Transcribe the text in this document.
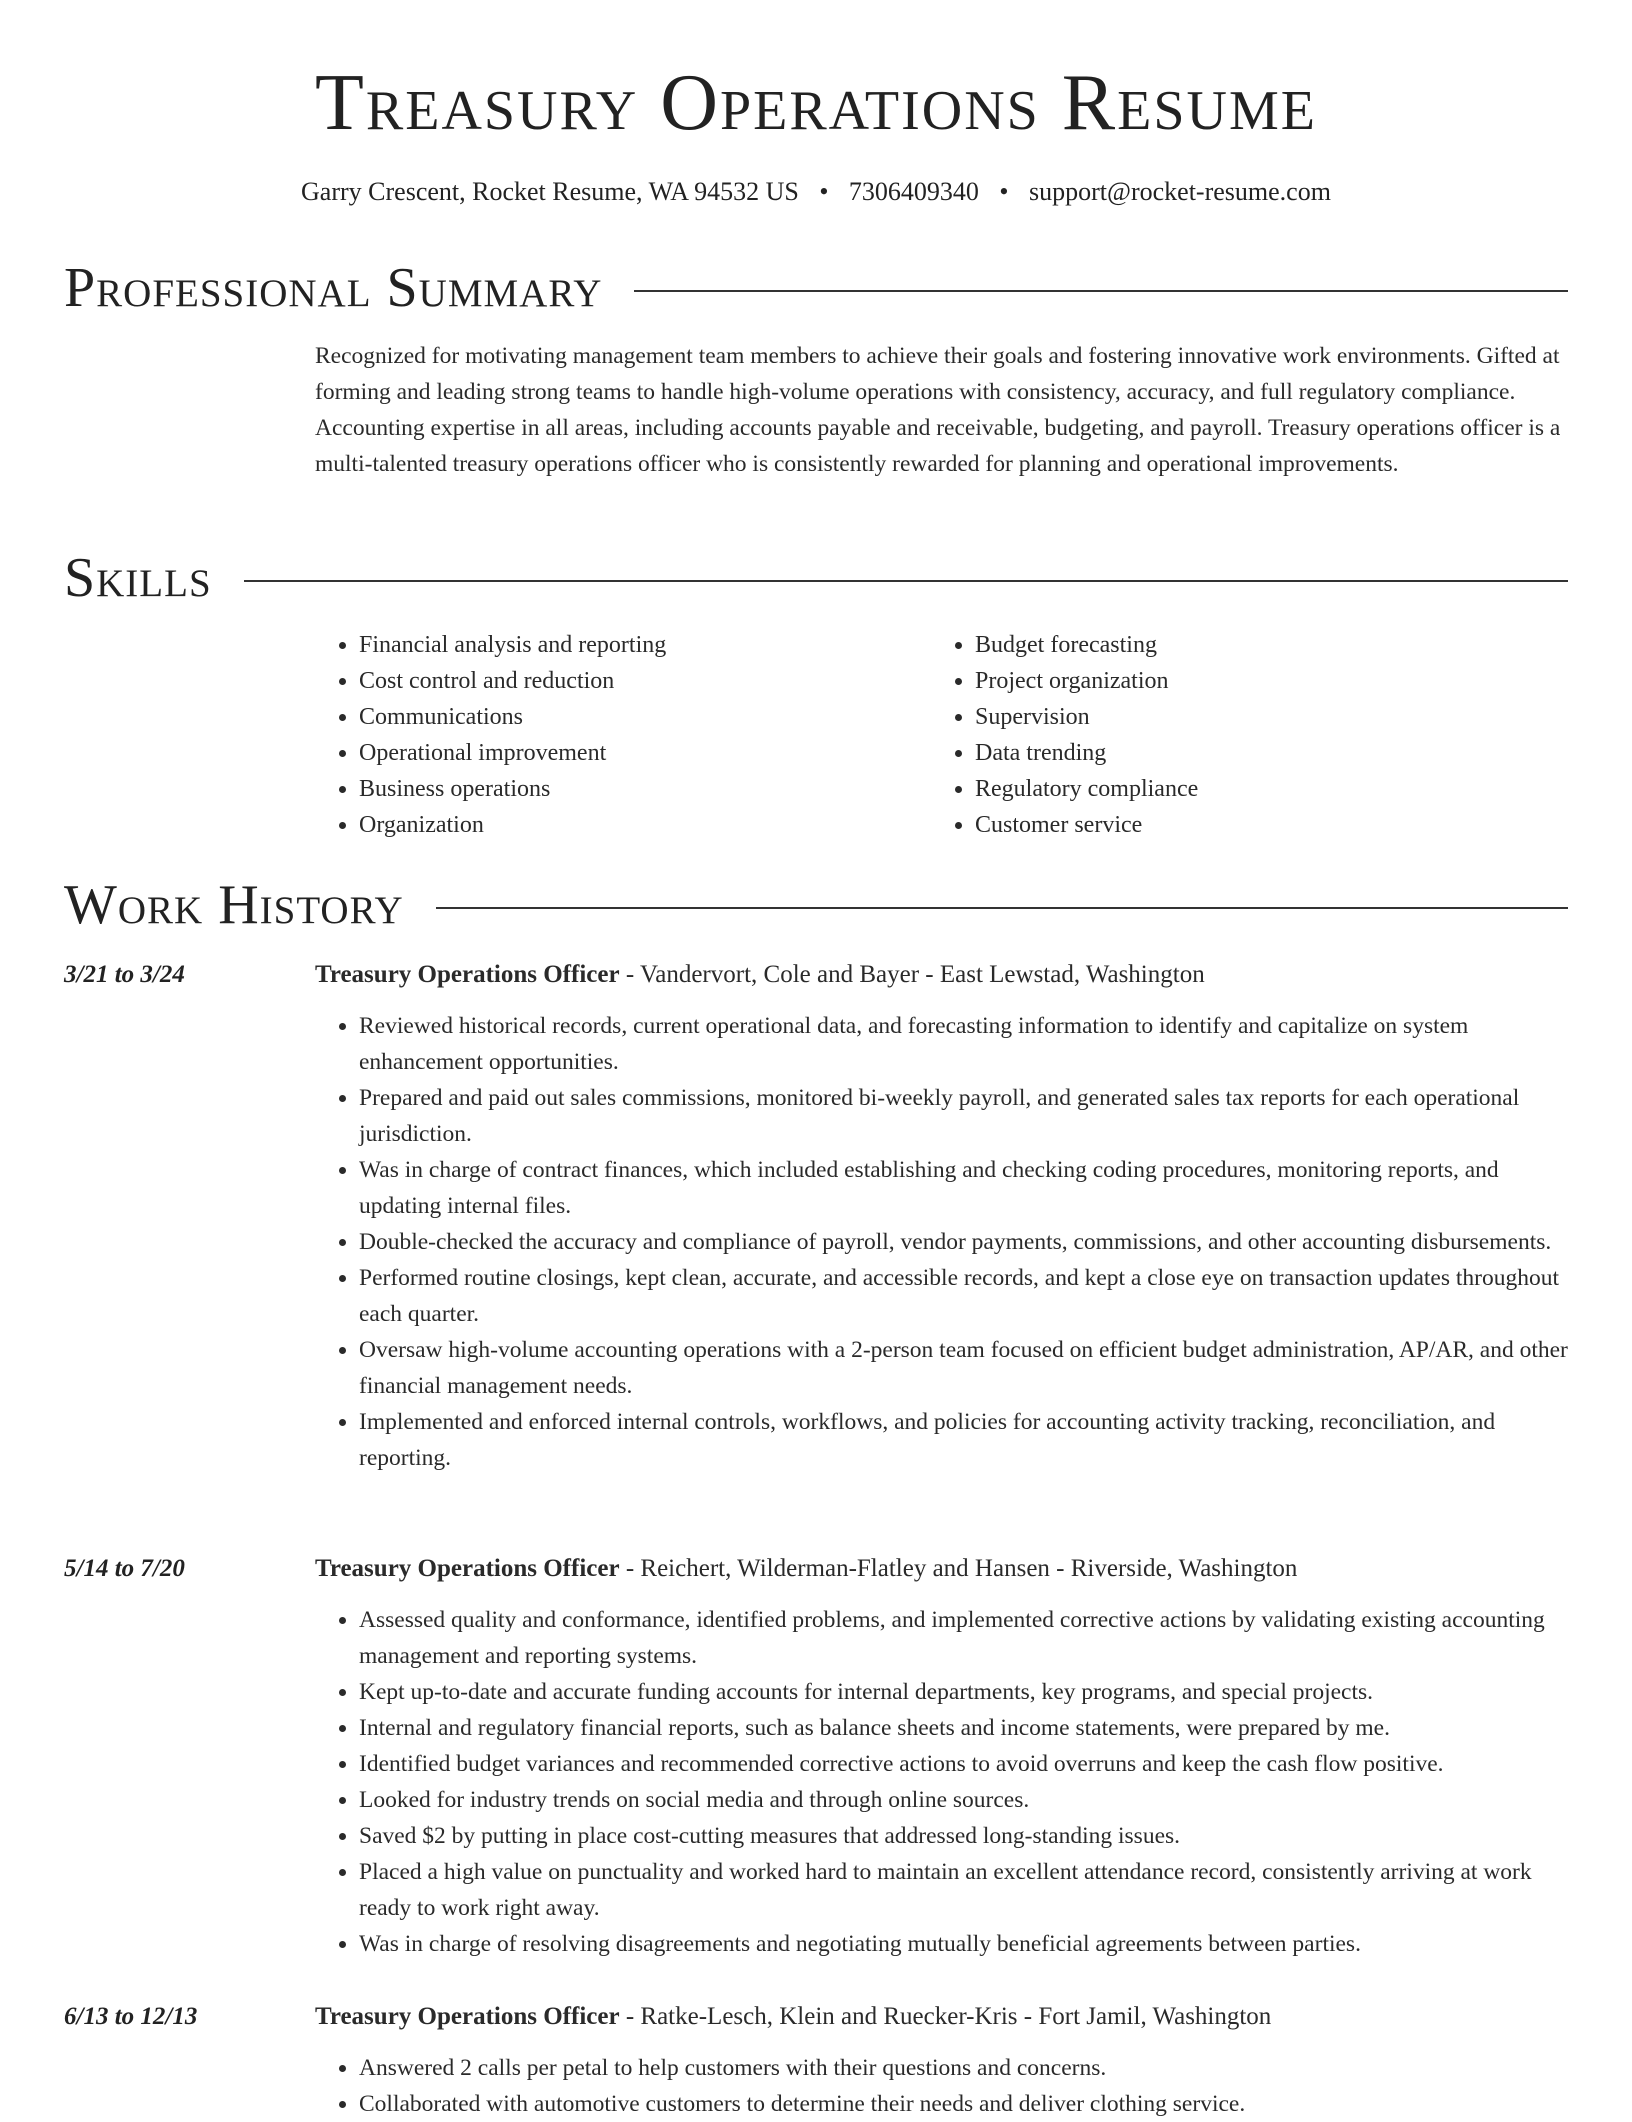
Treasury Operations Resume
Garry Crescent, Rocket Resume, WA 94532 US • 7306409340 • support@rocket-resume.com
Professional Summary

Recognized for motivating management team members to achieve their goals and fostering innovative work environments. Gifted at forming and leading strong teams to handle high-volume operations with consistency, accuracy, and full regulatory compliance. Accounting expertise in all areas, including accounts payable and receivable, budgeting, and payroll. Treasury operations officer is a multi-talented treasury operations officer who is consistently rewarded for planning and operational improvements.

Skills
• Financial analysis and reporting
• Cost control and reduction
• Communications
• Operational improvement
• Business operations
• Organization
• Budget forecasting
• Project organization
• Supervision
• Data trending
• Regulatory compliance
• Customer service
Work History
3/21 to 3/24	Treasury Operations Officer - Vandervort, Cole and Bayer - East Lewstad, Washington
• Reviewed historical records, current operational data, and forecasting information to identify and capitalize on system enhancement opportunities.
• Prepared and paid out sales commissions, monitored bi-weekly payroll, and generated sales tax reports for each operational jurisdiction.
• Was in charge of contract finances, which included establishing and checking coding procedures, monitoring reports, and updating internal files.
• Double-checked the accuracy and compliance of payroll, vendor payments, commissions, and other accounting disbursements.
• Performed routine closings, kept clean, accurate, and accessible records, and kept a close eye on transaction updates throughout each quarter.
• Oversaw high-volume accounting operations with a 2-person team focused on efficient budget administration, AP/AR, and other financial management needs.
• Implemented and enforced internal controls, workflows, and policies for accounting activity tracking, reconciliation, and reporting.
5/14 to 7/20	Treasury Operations Officer - Reichert, Wilderman-Flatley and Hansen - Riverside, Washington
• Assessed quality and conformance, identified problems, and implemented corrective actions by validating existing accounting management and reporting systems.
• Kept up-to-date and accurate funding accounts for internal departments, key programs, and special projects.
• Internal and regulatory financial reports, such as balance sheets and income statements, were prepared by me.
• Identified budget variances and recommended corrective actions to avoid overruns and keep the cash flow positive.
• Looked for industry trends on social media and through online sources.
• Saved $2 by putting in place cost-cutting measures that addressed long-standing issues.
• Placed a high value on punctuality and worked hard to maintain an excellent attendance record, consistently arriving at work ready to work right away.
• Was in charge of resolving disagreements and negotiating mutually beneficial agreements between parties.
6/13 to 12/13	Treasury Operations Officer - Ratke-Lesch, Klein and Ruecker-Kris - Fort Jamil, Washington
• Answered 2 calls per petal to help customers with their questions and concerns.
• Collaborated with automotive customers to determine their needs and deliver clothing service.
